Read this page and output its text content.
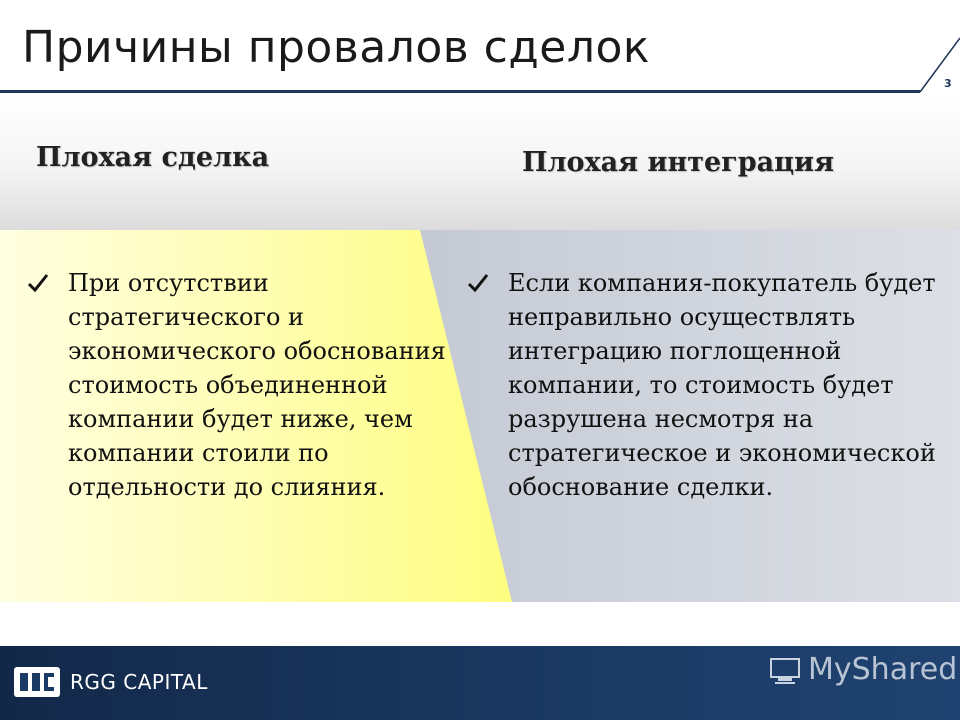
Причины провалов сделок
3
Плохая сделка	Плохая интеграция

При отсутствии стратегического и экономического обоснования стоимость объединенной компании будет ниже, чем компании стоили по отдельности до слияния.

Если компания-покупатель будет неправильно осуществлять интеграцию поглощенной компании, то стоимость будет разрушена несмотря на стратегическое и экономической обоснование сделки.

RGG CAPITAL	MyShared
